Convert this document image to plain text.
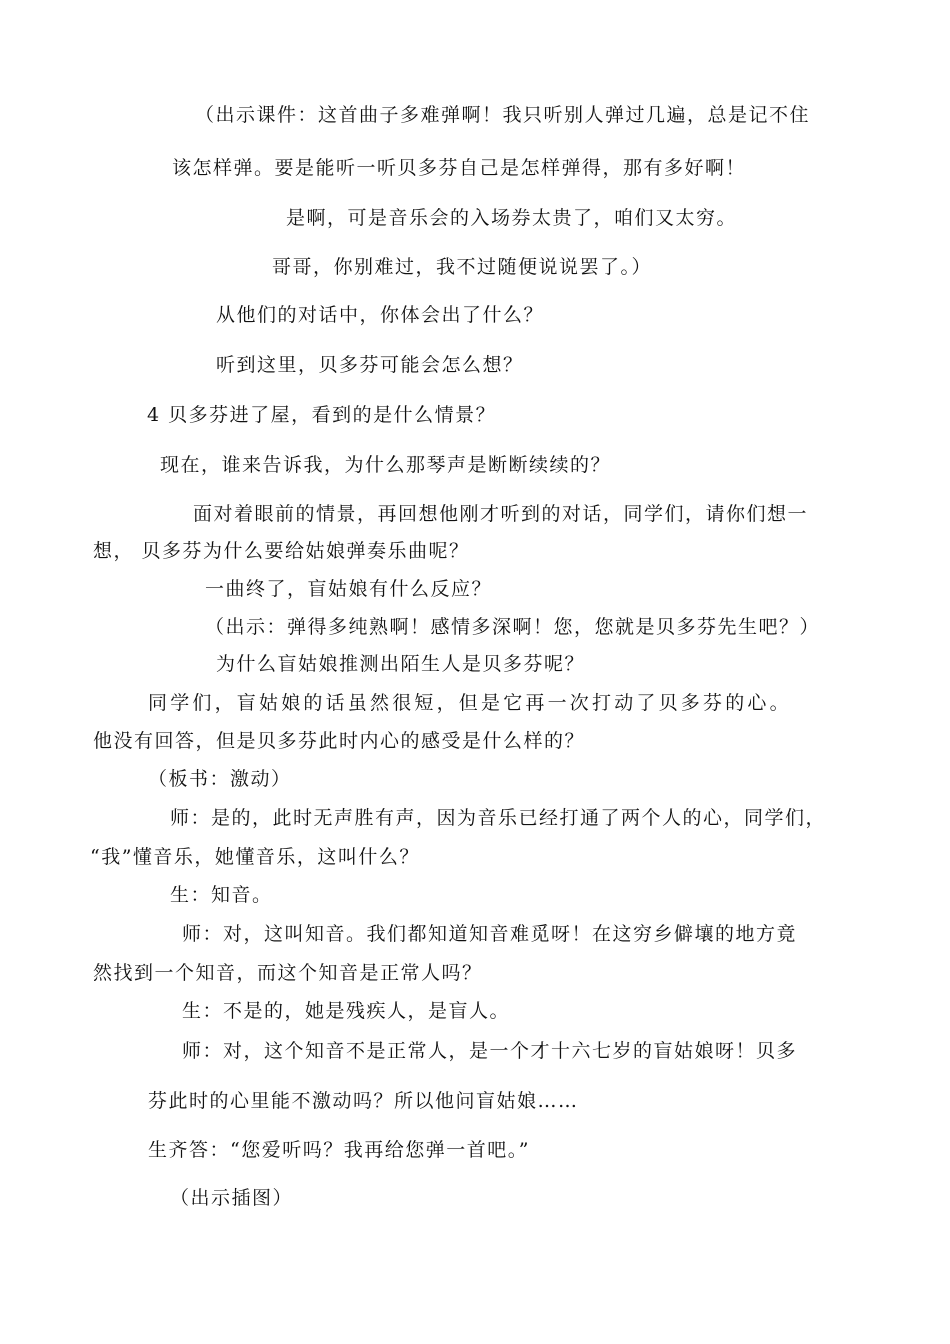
（出示课件：这首曲子多难弹啊！我只听别人弹过几遍，总是记不住
该怎样弹。要是能听一听贝多芬自己是怎样弹得，那有多好啊！
是啊，可是音乐会的入场券太贵了，咱们又太穷。
哥哥，你别难过，我不过随便说说罢了。）
从他们的对话中，你体会出了什么？
听到这里，贝多芬可能会怎么想？
4 贝多芬进了屋，看到的是什么情景？
现在，谁来告诉我，为什么那琴声是断断续续的？
面对着眼前的情景，再回想他刚才听到的对话，同学们，请你们想一
想， 贝多芬为什么要给姑娘弹奏乐曲呢？
一曲终了，盲姑娘有什么反应？
（出示：弹得多纯熟啊！感情多深啊！您，您就是贝多芬先生吧？）
为什么盲姑娘推测出陌生人是贝多芬呢？
同学们，盲姑娘的话虽然很短，但是它再一次打动了贝多芬的心。
他没有回答，但是贝多芬此时内心的感受是什么样的？
（板书：激动）
师：是的，此时无声胜有声，因为音乐已经打通了两个人的心，同学们，
“我”懂音乐，她懂音乐，这叫什么？
生：知音。
师：对，这叫知音。我们都知道知音难觅呀！在这穷乡僻壤的地方竟
然找到一个知音，而这个知音是正常人吗？
生：不是的，她是残疾人，是盲人。
师：对，这个知音不是正常人，是一个才十六七岁的盲姑娘呀！贝多
芬此时的心里能不激动吗？所以他问盲姑娘……
生齐答：“您爱听吗？我再给您弹一首吧。”
（出示插图）
